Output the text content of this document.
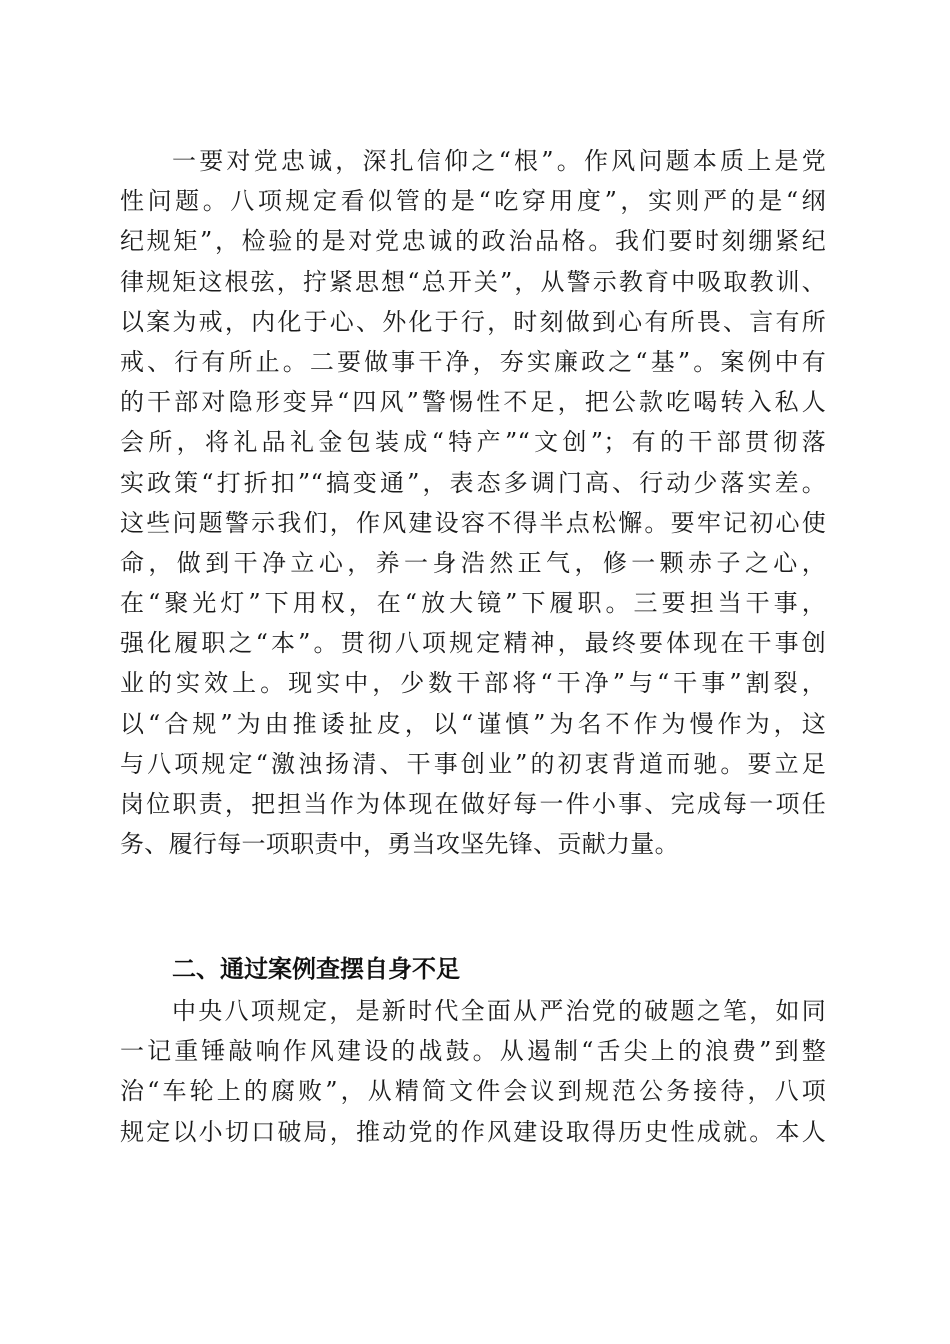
一要对党忠诚，深扎信仰之“根”。作风问题本质上是党
性问题。八项规定看似管的是“吃穿用度”，实则严的是“纲
纪规矩”，检验的是对党忠诚的政治品格。我们要时刻绷紧纪
律规矩这根弦，拧紧思想“总开关”，从警示教育中吸取教训、
以案为戒，内化于心、外化于行，时刻做到心有所畏、言有所
戒、行有所止。二要做事干净，夯实廉政之“基”。案例中有
的干部对隐形变异“四风”警惕性不足，把公款吃喝转入私人
会所，将礼品礼金包装成“特产”“文创”；有的干部贯彻落
实政策“打折扣”“搞变通”，表态多调门高、行动少落实差。
这些问题警示我们，作风建设容不得半点松懈。要牢记初心使
命，做到干净立心，养一身浩然正气，修一颗赤子之心，
在“聚光灯”下用权，在“放大镜”下履职。三要担当干事，
强化履职之“本”。贯彻八项规定精神，最终要体现在干事创
业的实效上。现实中，少数干部将“干净”与“干事”割裂，
以“合规”为由推诿扯皮，以“谨慎”为名不作为慢作为，这
与八项规定“激浊扬清、干事创业”的初衷背道而驰。要立足
岗位职责，把担当作为体现在做好每一件小事、完成每一项任
务、履行每一项职责中，勇当攻坚先锋、贡献力量。
二、通过案例查摆自身不足
中央八项规定，是新时代全面从严治党的破题之笔，如同
一记重锤敲响作风建设的战鼓。从遏制“舌尖上的浪费”到整
治“车轮上的腐败”，从精简文件会议到规范公务接待，八项
规定以小切口破局，推动党的作风建设取得历史性成就。本人
